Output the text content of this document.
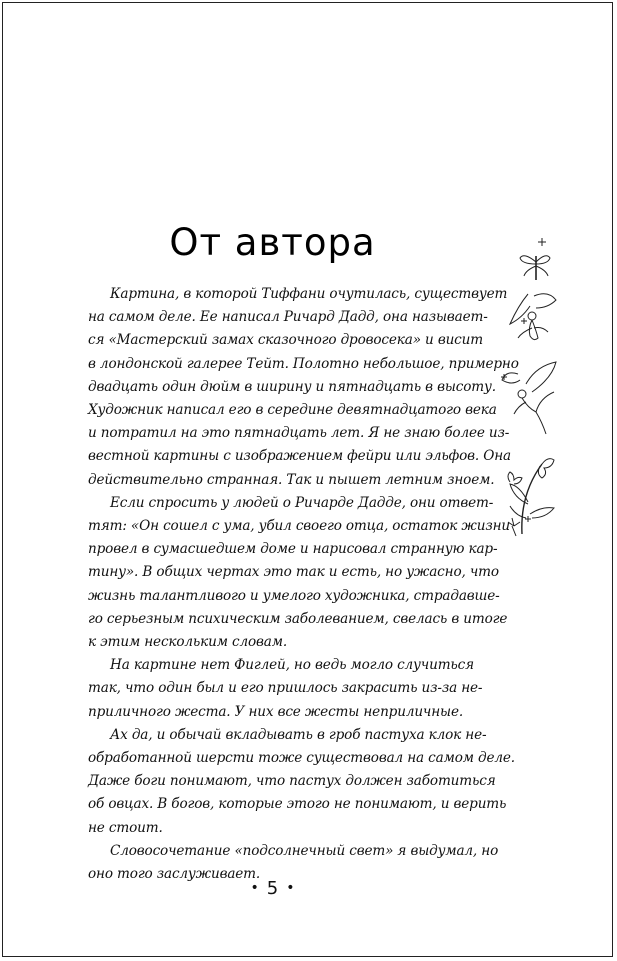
От автора

Картина, в которой Тиффани очутилась, существует
на самом деле. Ее написал Ричард Дадд, она называет-
ся «Мастерский замах сказочного дровосека» и висит
в лондонской галерее Тейт. Полотно небольшое, примерно
двадцать один дюйм в ширину и пятнадцать в высоту.
Художник написал его в середине девятнадцатого века
и потратил на это пятнадцать лет. Я не знаю более из-
вестной картины с изображением фейри или эльфов. Она
действительно странная. Так и пышет летним зноем.

Если спросить у людей о Ричарде Дадде, они ответ-
тят: «Он сошел с ума, убил своего отца, остаток жизни
провел в сумасшедшем доме и нарисовал странную кар-
тину». В общих чертах это так и есть, но ужасно, что
жизнь талантливого и умелого художника, страдавше-
го серьезным психическим заболеванием, свелась в итоге
к этим нескольким словам.

На картине нет Фиглей, но ведь могло случиться
так, что один был и его пришлось закрасить из-за не-
приличного жеста. У них все жесты неприличные.

Ах да, и обычай вкладывать в гроб пастуха клок не-
обработанной шерсти тоже существовал на самом деле.
Даже боги понимают, что пастух должен заботиться
об овцах. В богов, которые этого не понимают, и верить
не стоит.

Словосочетание «подсолнечный свет» я выдумал, но
оно того заслуживает.

• 5 •
